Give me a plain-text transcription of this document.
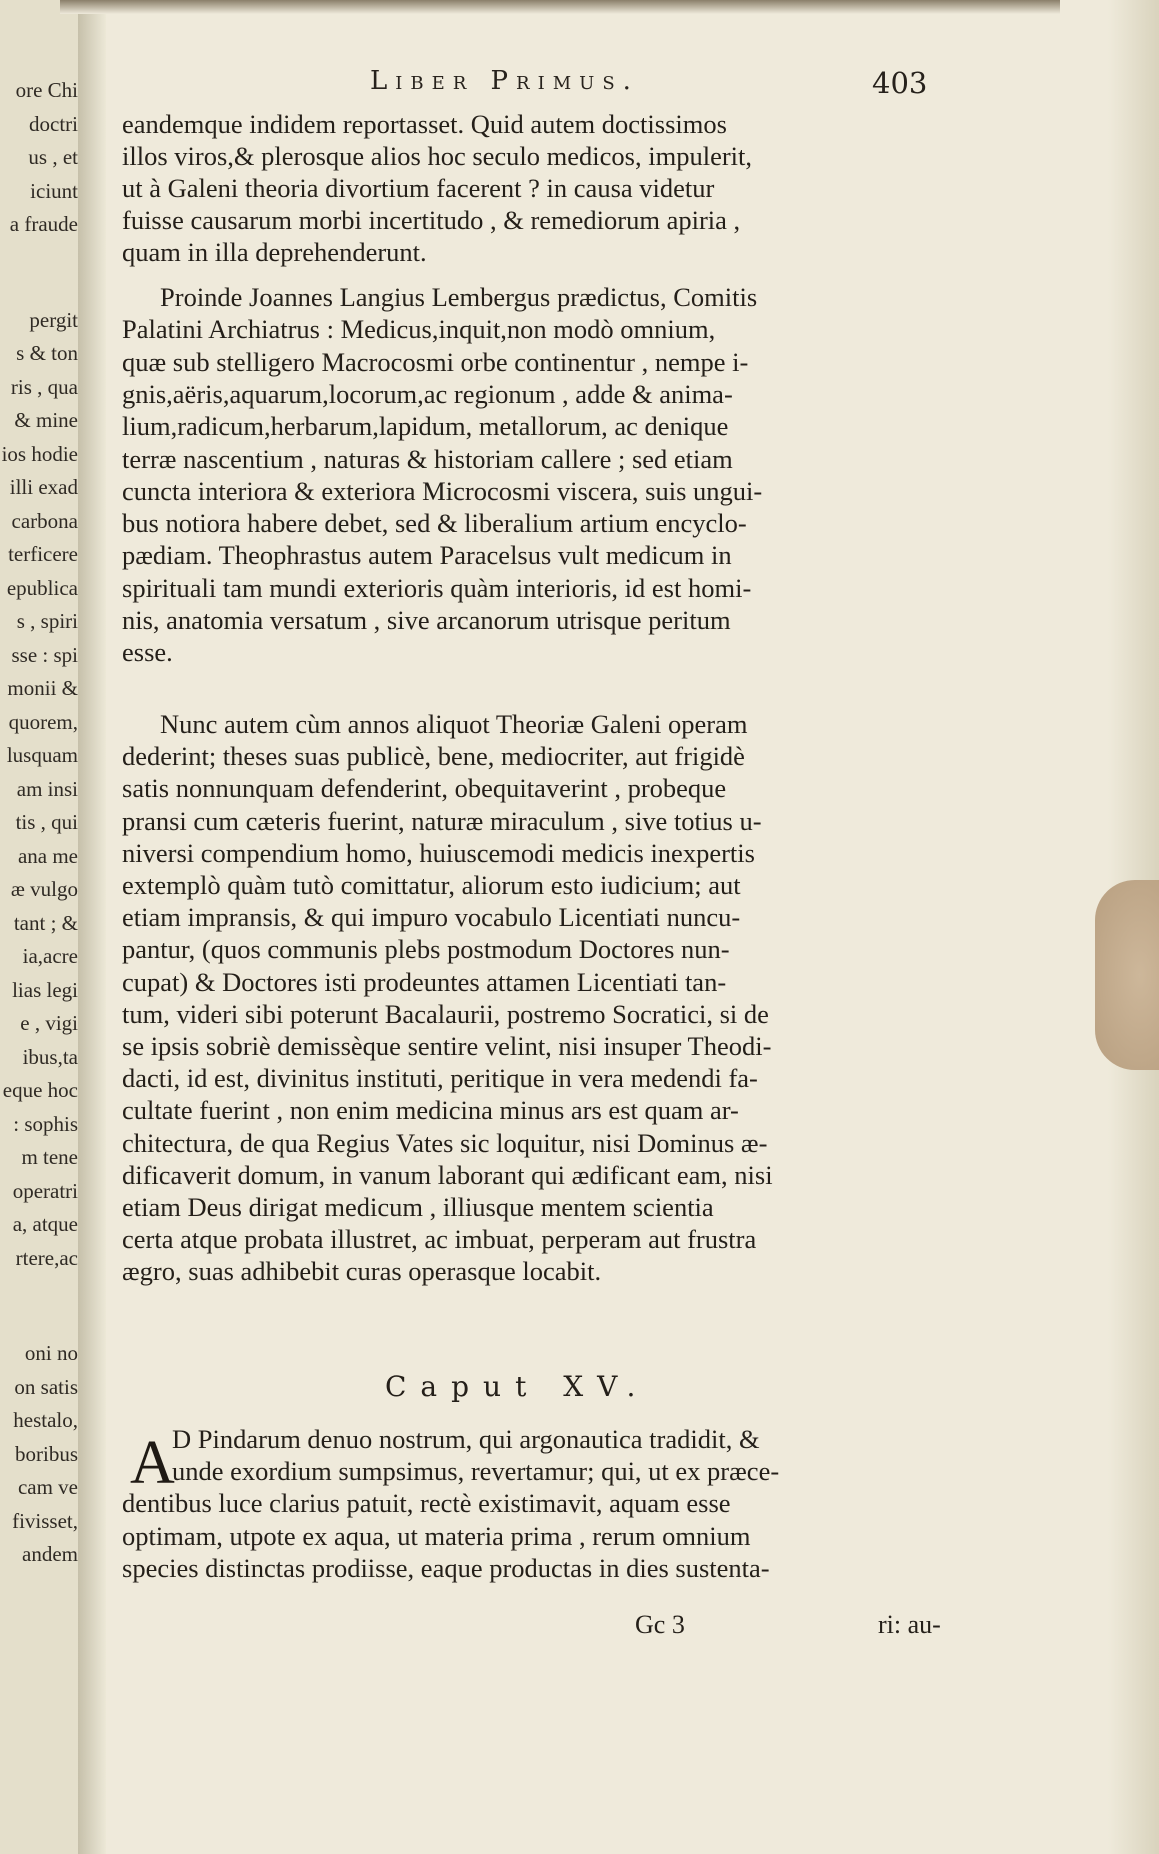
ore Chi
doctri
us , et
iciunt
a fraude
pergit
s & ton
ris , qua
& mine
ios hodie
illi exad
carbona
terficere
epublica
s , spiri
sse : spi
monii &
quorem,
lusquam
am insi
tis , qui
ana me
æ vulgo
tant ; &
ia,acre
lias legi
e , vigi
ibus,ta
eque hoc
: sophis
m tene
operatri
a, atque
rtere,ac
oni no
on satis
hestalo,
boribus
cam ve
fivisset,
andem
Liber Primus.	403
eandemque indidem reportasset. Quid autem doctissimos
illos viros,& plerosque alios hoc seculo medicos, impulerit,
ut à Galeni theoria divortium facerent ? in causa videtur
fuisse causarum morbi incertitudo , & remediorum apiria ,
quam in illa deprehenderunt.
Proinde Joannes Langius Lembergus prædictus, Comitis
Palatini Archiatrus : Medicus,inquit,non modò omnium,
quæ sub stelligero Macrocosmi orbe continentur , nempe i-
gnis,aëris,aquarum,locorum,ac regionum , adde & anima-
lium,radicum,herbarum,lapidum, metallorum, ac denique
terræ nascentium , naturas & historiam callere ; sed etiam
cuncta interiora & exteriora Microcosmi viscera, suis ungui-
bus notiora habere debet, sed & liberalium artium encyclo-
pædiam. Theophrastus autem Paracelsus vult medicum in
spirituali tam mundi exterioris quàm interioris, id est homi-
nis, anatomia versatum , sive arcanorum utrisque peritum
esse.
Nunc autem cùm annos aliquot Theoriæ Galeni operam
dederint; theses suas publicè, bene, mediocriter, aut frigidè
satis nonnunquam defenderint, obequitaverint , probeque
pransi cum cæteris fuerint, naturæ miraculum , sive totius u-
niversi compendium homo, huiuscemodi medicis inexpertis
extemplò quàm tutò comittatur, aliorum esto iudicium; aut
etiam impransis, & qui impuro vocabulo Licentiati nuncu-
pantur, (quos communis plebs postmodum Doctores nun-
cupat) & Doctores isti prodeuntes attamen Licentiati tan-
tum, videri sibi poterunt Bacalaurii, postremo Socratici, si de
se ipsis sobriè demissèque sentire velint, nisi insuper Theodi-
dacti, id est, divinitus instituti, peritique in vera medendi fa-
cultate fuerint , non enim medicina minus ars est quam ar-
chitectura, de qua Regius Vates sic loquitur, nisi Dominus æ-
dificaverit domum, in vanum laborant qui ædificant eam, nisi
etiam Deus dirigat medicum , illiusque mentem scientia
certa atque probata illustret, ac imbuat, perperam aut frustra
ægro, suas adhibebit curas operasque locabit.
D Pindarum denuo nostrum, qui argonautica tradidit, &
unde exordium sumpsimus, revertamur; qui, ut ex præce-
dentibus luce clarius patuit, rectè existimavit, aquam esse
optimam, utpote ex aqua, ut materia prima , rerum omnium
species distinctas prodiisse, eaque productas in dies sustenta-
Caput XV.
A
Gc 3	ri: au-
